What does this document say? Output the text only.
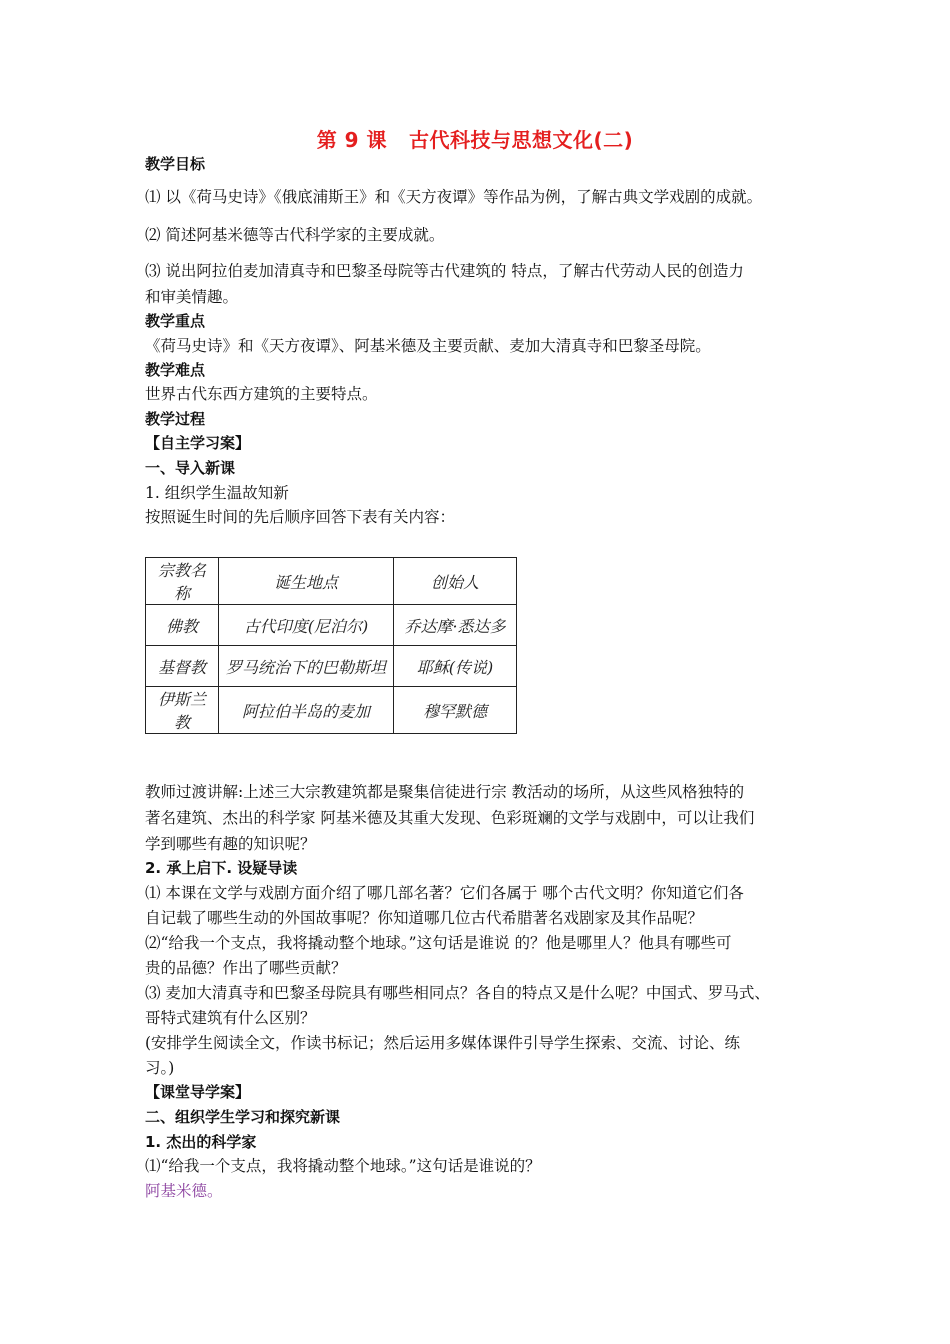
第 9 课 古代科技与思想文化(二)
教学目标
⑴ 以《荷马史诗》《俄底浦斯王》和《天方夜谭》等作品为例，了解古典文学戏剧的成就。
⑵ 简述阿基米德等古代科学家的主要成就。
⑶ 说出阿拉伯麦加清真寺和巴黎圣母院等古代建筑的 特点，了解古代劳动人民的创造力
和审美情趣。
教学重点
《荷马史诗》和《天方夜谭》、阿基米德及主要贡献、麦加大清真寺和巴黎圣母院。
教学难点
世界古代东西方建筑的主要特点。
教学过程
【自主学习案】
一、导入新课
1. 组织学生温故知新
按照诞生时间的先后顺序回答下表有关内容：
宗教名称	诞生地点	创始人
佛教	古代印度(尼泊尔)	乔达摩·悉达多
基督教	罗马统治下的巴勒斯坦	耶稣(传说)
伊斯兰教	阿拉伯半岛的麦加	穆罕默德
教师过渡讲解:上述三大宗教建筑都是聚集信徒进行宗 教活动的场所，从这些风格独特的
著名建筑、杰出的科学家 阿基米德及其重大发现、色彩斑斓的文学与戏剧中，可以让我们
学到哪些有趣的知识呢？
2. 承上启下. 设疑导读
⑴ 本课在文学与戏剧方面介绍了哪几部名著？它们各属于 哪个古代文明？你知道它们各
自记载了哪些生动的外国故事呢？你知道哪几位古代希腊著名戏剧家及其作品呢？
⑵“给我一个支点，我将撬动整个地球。”这句话是谁说 的？他是哪里人？他具有哪些可
贵的品德？作出了哪些贡献？
⑶ 麦加大清真寺和巴黎圣母院具有哪些相同点？各自的特点又是什么呢？中国式、罗马式、
哥特式建筑有什么区别？
(安排学生阅读全文，作读书标记；然后运用多媒体课件引导学生探索、交流、讨论、练
习。)
【课堂导学案】
二、组织学生学习和探究新课
1. 杰出的科学家
⑴“给我一个支点，我将撬动整个地球。”这句话是谁说的？
阿基米德。
